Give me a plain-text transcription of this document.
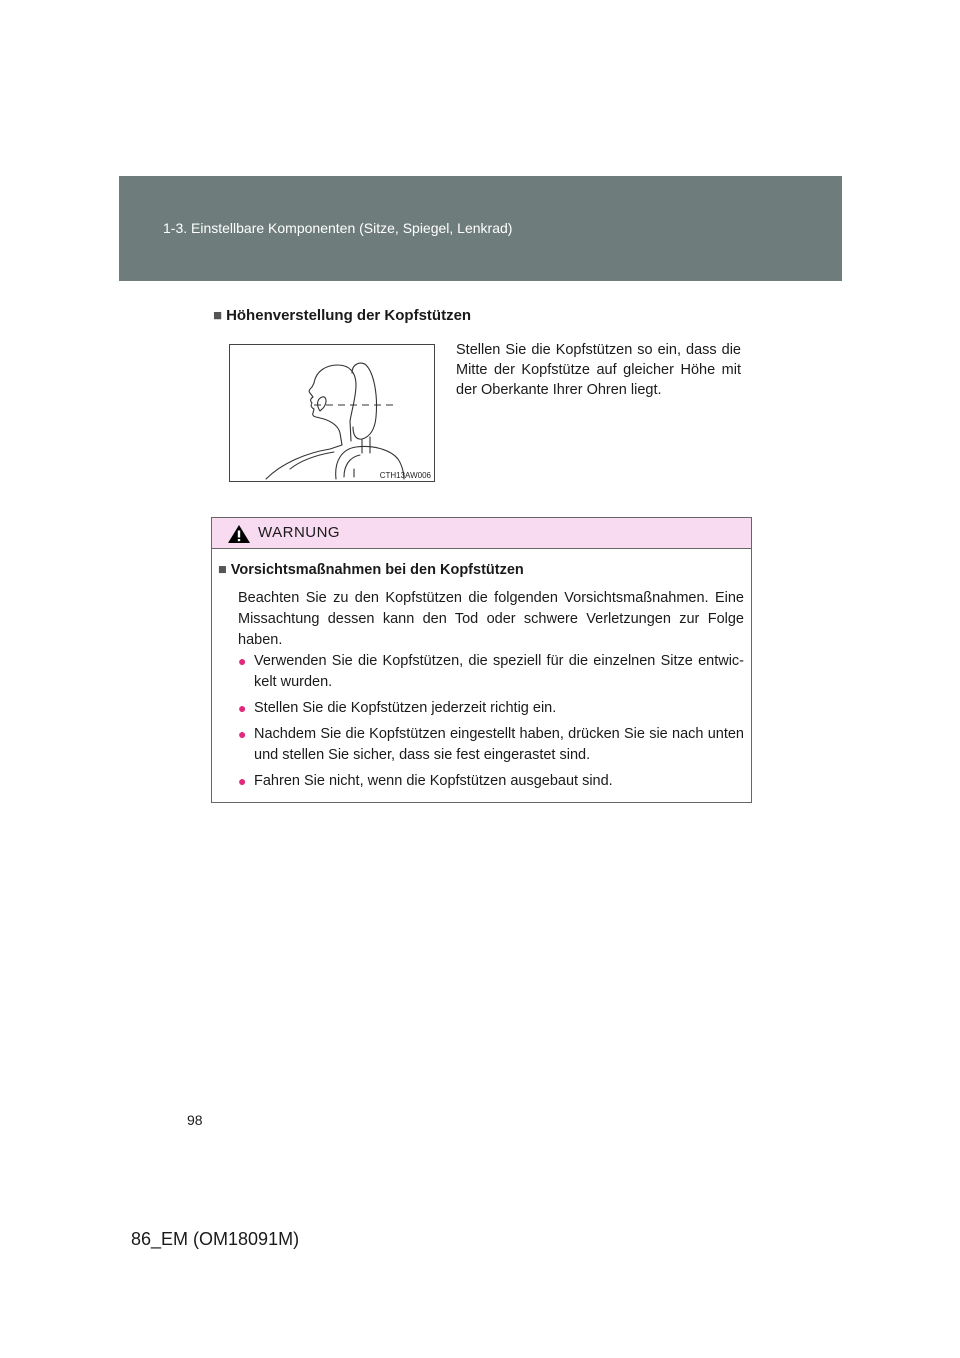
1-3. Einstellbare Komponenten (Sitze, Spiegel, Lenkrad)
■ Höhenverstellung der Kopfstützen
CTH13AW006
Stellen Sie die Kopfstützen so ein, dass die Mitte der Kopfstütze auf gleicher Höhe mit der Oberkante Ihrer Ohren liegt.
WARNUNG
■ Vorsichtsmaßnahmen bei den Kopfstützen
Beachten Sie zu den Kopfstützen die folgenden Vorsichtsmaßnahmen. Eine Missachtung dessen kann den Tod oder schwere Verletzungen zur Folge haben.
● Verwenden Sie die Kopfstützen, die speziell für die einzelnen Sitze entwic-kelt wurden.
● Stellen Sie die Kopfstützen jederzeit richtig ein.
● Nachdem Sie die Kopfstützen eingestellt haben, drücken Sie sie nach unten und stellen Sie sicher, dass sie fest eingerastet sind.
● Fahren Sie nicht, wenn die Kopfstützen ausgebaut sind.
98
86_EM (OM18091M)
